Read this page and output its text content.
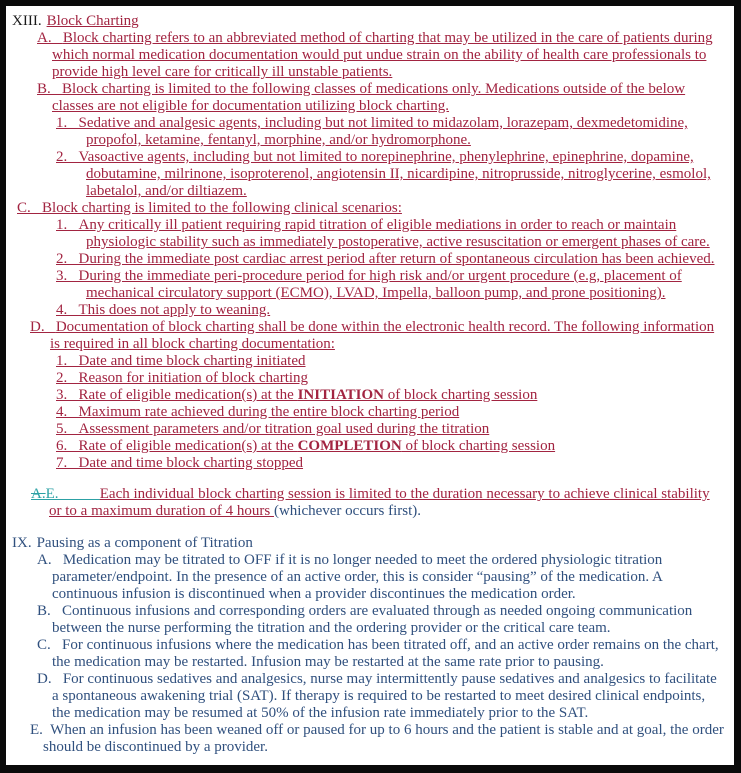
XIII. Block Charting
A.   Block charting refers to an abbreviated method of charting that may be utilized in the care of patients during which normal medication documentation would put undue strain on the ability of health care professionals to provide high level care for critically ill unstable patients.
B.   Block charting is limited to the following classes of medications only. Medications outside of the below classes are not eligible for documentation utilizing block charting.
1.   Sedative and analgesic agents, including but not limited to midazolam, lorazepam, dexmedetomidine, propofol, ketamine, fentanyl, morphine, and/or hydromorphone.
2.   Vasoactive agents, including but not limited to norepinephrine, phenylephrine, epinephrine, dopamine, dobutamine, milrinone, isoproterenol, angiotensin II, nicardipine, nitroprusside, nitroglycerine, esmolol, labetalol, and/or diltiazem.
C.   Block charting is limited to the following clinical scenarios:
1.   Any critically ill patient requiring rapid titration of eligible mediations in order to reach or maintain physiologic stability such as immediately postoperative, active resuscitation or emergent phases of care.
2.   During the immediate post cardiac arrest period after return of spontaneous circulation has been achieved.
3.   During the immediate peri-procedure period for high risk and/or urgent procedure (e.g, placement of mechanical circulatory support (ECMO), LVAD, Impella, balloon pump, and prone positioning).
4.   This does not apply to weaning.
D.   Documentation of block charting shall be done within the electronic health record. The following information is required in all block charting documentation:
1.   Date and time block charting initiated
2.   Reason for initiation of block charting
3.   Rate of eligible medication(s) at the INITIATION of block charting session
4.   Maximum rate achieved during the entire block charting period
5.   Assessment parameters and/or titration goal used during the titration
6.   Rate of eligible medication(s) at the COMPLETION of block charting session
7.   Date and time block charting stopped
A.E.	Each individual block charting session is limited to the duration necessary to achieve clinical stability or to a maximum duration of 4 hours (whichever occurs first).
IX. Pausing as a component of Titration
A.   Medication may be titrated to OFF if it is no longer needed to meet the ordered physiologic titration parameter/endpoint. In the presence of an active order, this is consider “pausing” of the medication. A continuous infusion is discontinued when a provider discontinues the medication order.
B.   Continuous infusions and corresponding orders are evaluated through as needed ongoing communication between the nurse performing the titration and the ordering provider or the critical care team.
C.   For continuous infusions where the medication has been titrated off, and an active order remains on the chart, the medication may be restarted. Infusion may be restarted at the same rate prior to pausing.
D.   For continuous sedatives and analgesics, nurse may intermittently pause sedatives and analgesics to facilitate a spontaneous awakening trial (SAT). If therapy is required to be restarted to meet desired clinical endpoints, the medication may be resumed at 50% of the infusion rate immediately prior to the SAT.
E.  When an infusion has been weaned off or paused for up to 6 hours and the patient is stable and at goal, the order should be discontinued by a provider.
